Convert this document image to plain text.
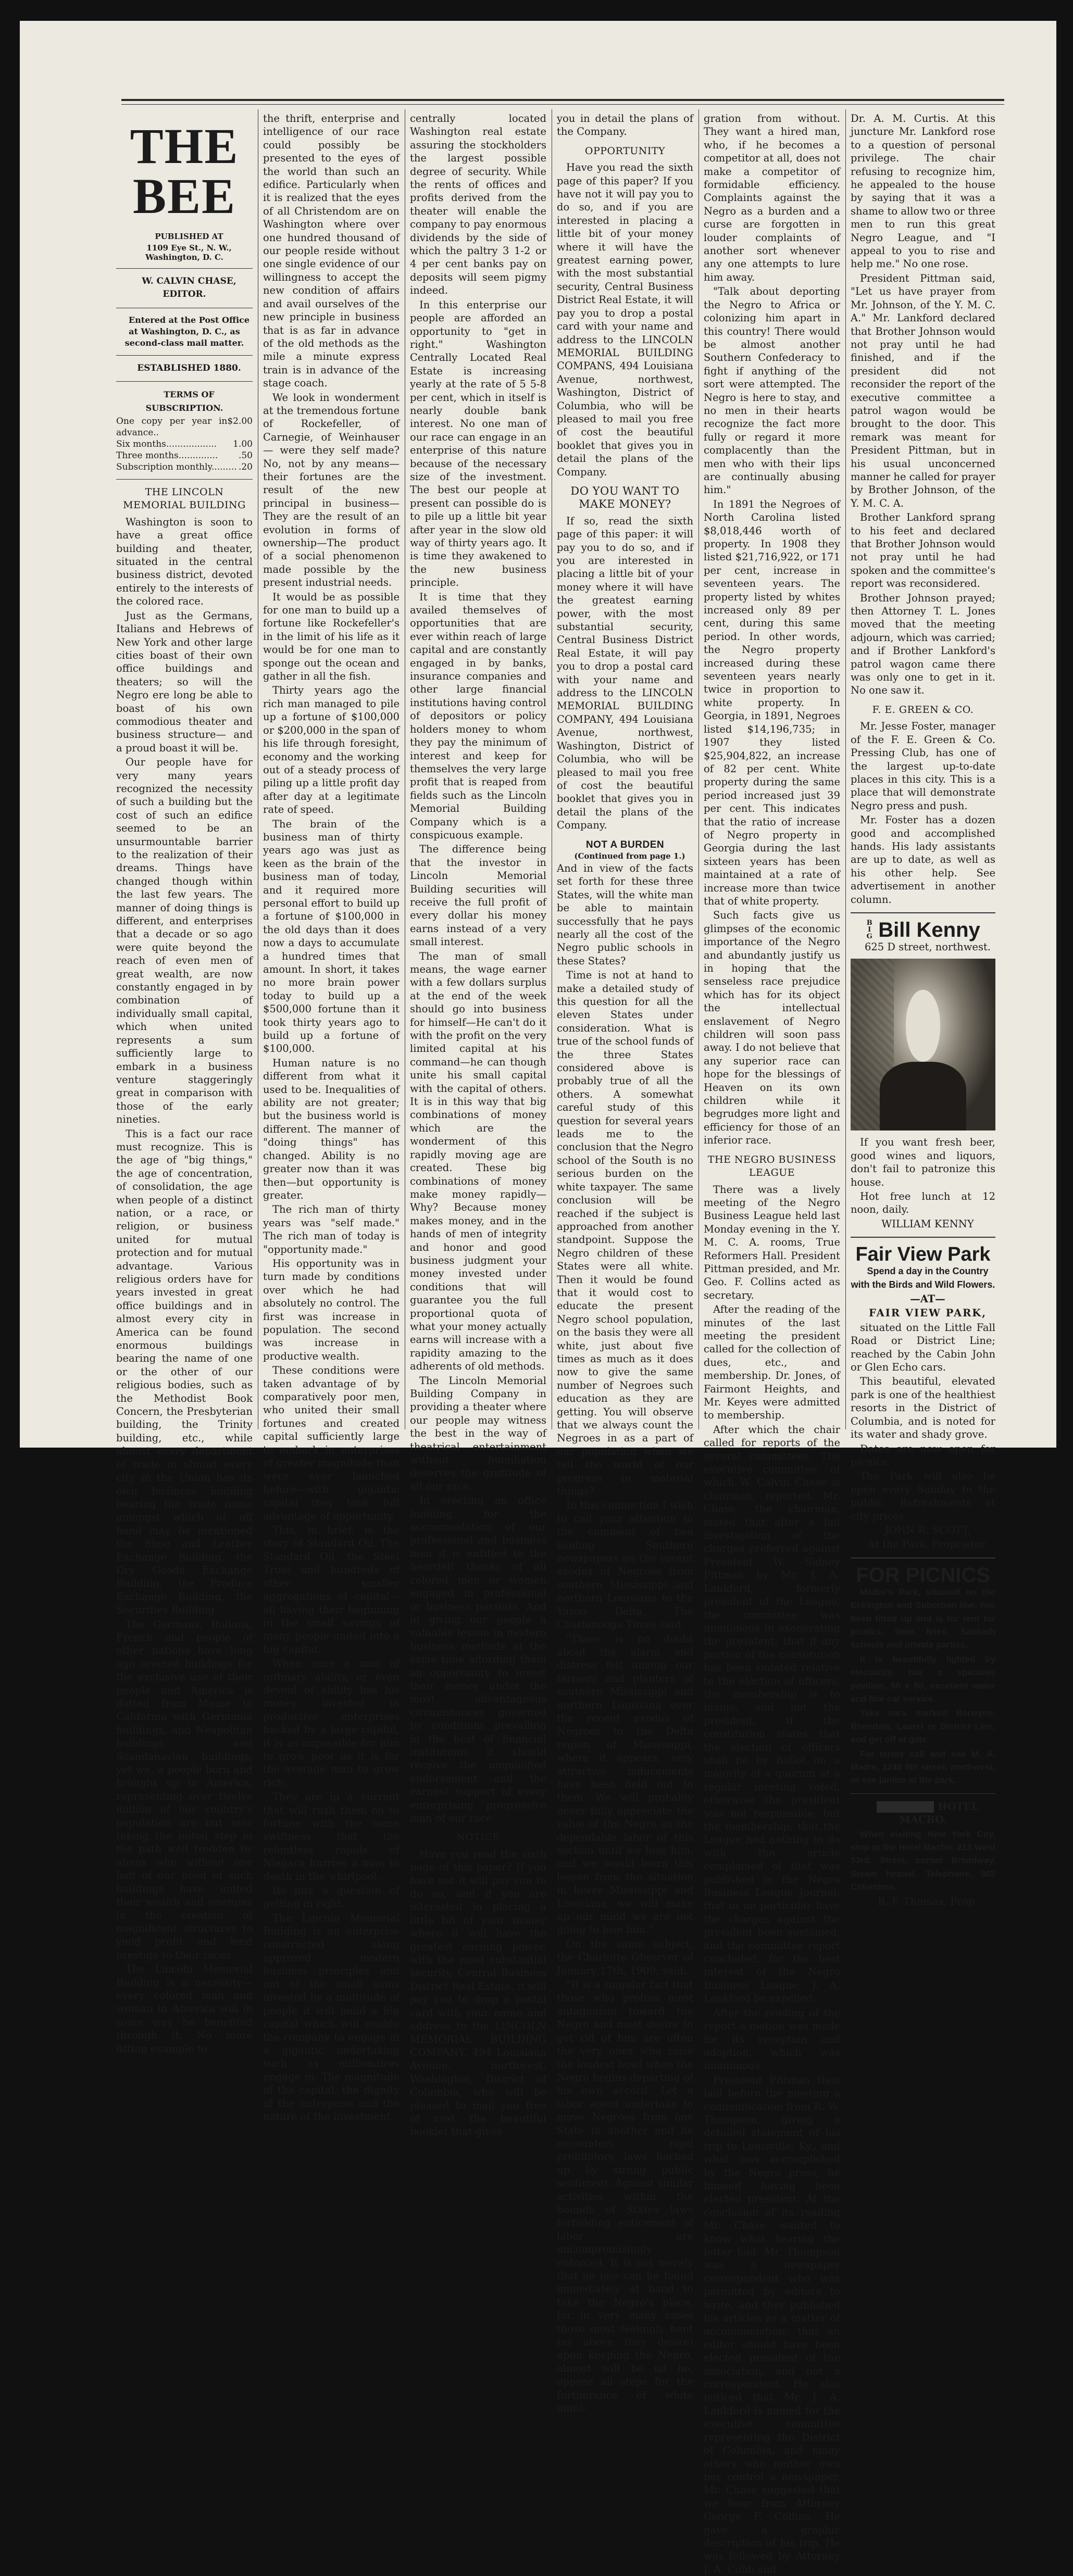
THE BEE

PUBLISHED AT

1109 Eye St., N. W., Washington, D. C.

W. CALVIN CHASE, EDITOR.

Entered at the Post Office at Washington, D. C., as second-class mail matter.

ESTABLISHED 1880.

TERMS OF SUBSCRIPTION.

One copy per year in advance..
$2.00
Six months.................. 1.00
Three months.............. .50
Subscription monthly......... .20
THE LINCOLN MEMORIAL BUILDING

Washington is soon to have a great office building and theater, situated in the central business district, devoted entirely to the interests of the colored race.

Just as the Germans, Italians and Hebrews of New York and other large cities boast of their own office buildings and theaters; so will the Negro ere long be able to boast of his own commodious theater and business structure— and a proud boast it will be.

Our people have for very many years recognized the necessity of such a building but the cost of such an edifice seemed to be an unsurmountable barrier to the realization of their dreams. Things have changed though within the last few years. The manner of doing things is different, and enterprises that a decade or so ago were quite beyond the reach of even men of great wealth, are now constantly engaged in by combination of individually small capital, which when united represents a sum sufficiently large to embark in a business venture staggeringly great in comparison with those of the early nineties.

This is a fact our race must recognize. This is the age of "big things," the age of concentration, of consolidation, the age when people of a distinct nation, or a race, or religion, or business united for mutual protection and for mutual advantage. Various religious orders have for years invested in great office buildings and in almost every city in America can be found enormous buildings bearing the name of one or the other of our religious bodies, such as the Methodist Book Concern, the Presbyterian building, the Trinity building, etc., while almost every department of trade in almost every city in the Union has its own business building bearing the trade name amongst which at off hand may be mentioned the Shoe and Leather Exchange Building, the Dry Goods Exchange Building, the Produce Exchange Building, the Securities Building.

The Germans, Italians, French and people of other nations have long ago erected buildings for the exclusive use of their people and America is dotted from Maine to California with Germania buildings, and Neapolitan buildings and Scandanavian buildings; yet we, a people born and brought up in America, representing over twelve million of our country's population are but now taking the initial step in the path well trodden by aliens who without one half of our need of such buildings have united their wealth and energies in the creation of magnificent structures to yield profit and lend prestige to their races.

The Lincoln Memorial Building is a necessity—every colored man and woman in America will in some way be benefited through it. No more fitting example to

the thrift, enterprise and intelligence of our race could possibly be presented to the eyes of the world than such an edifice. Particularly when it is realized that the eyes of all Christendom are on Washington where over one hundred thousand of our people reside without one single evidence of our willingness to accept the new condition of affairs and avail ourselves of the new principle in business that is as far in advance of the old methods as the mile a minute express train is in advance of the stage coach.

We look in wonderment at the tremendous fortune of Rockefeller, of Carnegie, of Weinhauser— were they self made? No, not by any means—their fortunes are the result of the new principal in business—They are the result of an evolution in forms of ownership—The product of a social phenomenon made possible by the present industrial needs.

It would be as possible for one man to build up a fortune like Rockefeller's in the limit of his life as it would be for one man to sponge out the ocean and gather in all the fish.

Thirty years ago the rich man managed to pile up a fortune of $100,000 or $200,000 in the span of his life through foresight, economy and the working out of a steady process of piling up a little profit day after day at a legitimate rate of speed.

The brain of the business man of thirty years ago was just as keen as the brain of the business man of today, and it required more personal effort to build up a fortune of $100,000 in the old days than it does now a days to accumulate a hundred times that amount. In short, it takes no more brain power today to build up a $500,000 fortune than it took thirty years ago to build up a fortune of $100,000.

Human nature is no different from what it used to be. Inequalities of ability are not greater; but the business world is different. The manner of "doing things" has changed. Ability is no greater now than it was then—but opportunity is greater.

The rich man of thirty years was "self made." The rich man of today is "opportunity made."

His opportunity was in turn made by conditions over which he had absolutely no control. The first was increase in population. The second was increase in productive wealth.

These conditions were taken advantage of by comparatively poor men, who united their small fortunes and created capital sufficiently large to embark in enterprises of greater magnitude than were ever launched before—with gigantic capital they took full advantage of opportunity.

This, in brief, is the story of Standard Oil. The Standard Oil, the Steel Trust and hundreds of other smaller aggregations of capital—all having their beginning in the small savings of many people united into a big capital.

When once a man of ordinary ability, or even devoid of ability has his money invested in productive enterprises backed by a large capital, it is as impossible for him to grow poor as it is for the average man to grow rich.

They are in a current that will rush them on to fortune with the same swiftness that the relentless rapids of Niagara hurries a man to death in the whirlpool.

Its juts a question of getting in right.

The Lincoln Memorial Building is an enterprise constructed along approved modern business principles and out of the small sums invested by a multitude of people it will build a big capital which will enable the company to engage in a gigantic undertaking such as millionaires engage in. The magnitude of the capital, the dignity of the enterprise and the nature of the investment,

centrally located Washington real estate assuring the stockholders the largest possible degree of security. While the rents of offices and profits derived from the theater will enable the company to pay enormous dividends by the side of which the paltry 3 1-2 or 4 per cent banks pay on deposits will seem pigmy indeed.

In this enterprise our people are afforded an opportunity to "get in right." Washington Centrally Located Real Estate is increasing yearly at the rate of 5 5-8 per cent, which in itself is nearly double bank interest. No one man of our race can engage in an enterprise of this nature because of the necessary size of the investment. The best our people at present can possible do is to pile up a little bit year after year in the slow old way of thirty years ago. It is time they awakened to the new business principle.

It is time that they availed themselves of opportunities that are ever within reach of large capital and are constantly engaged in by banks, insurance companies and other large financial institutions having control of depositors or policy holders money to whom they pay the minimum of interest and keep for themselves the very large profit that is reaped from fields such as the Lincoln Memorial Building Company which is a conspicuous example.

The difference being that the investor in Lincoln Memorial Building securities will receive the full profit of every dollar his money earns instead of a very small interest.

The man of small means, the wage earner with a few dollars surplus at the end of the week should go into business for himself—He can't do it with the profit on the very limited capital at his command—he can though unite his small capital with the capital of others. It is in this way that big combinations of money which are the wonderment of this rapidly moving age are created. These big combinations of money make money rapidly—Why? Because money makes money, and in the hands of men of integrity and honor and good business judgment your money invested under conditions that will guarantee you the full proportional quota of what your money actually earns will increase with a rapidity amazing to the adherents of old methods.

The Lincoln Memorial Building Company in providing a theater where our people may witness the best in the way of theatrical entertainment without humiliation deserves the gratitude of all our race.

In erecting an office building for the accommodation of our professional and business men it is entitled to the heartfelt thanks of all colored men or women engaged in professional or business pursuits. And in giving our people a valuable lesson in modern business methods at the same time affording them an opportunity to invest their money under the most advantageous circumstances governed by conditions prevailing in the best of financial institutions it should receive the unqualified endorsement and the earnest support of every enterprising progressive man of our race.

NOTICE

Have you read the sixth page of this paper? If you have not it will pay you to do so, and if you are interested in placing a little bit of your money where it will have the greatest earning power, with the most substantial security, Central Business District Real Estate, it will pay you to drop a postal card with your name and address to the LINCOLN MEMORIAL BUILDING COMPANY, 494 Louisiana Avenue, northwest, Washington, District of Columbia, who will be pleased to mail you free of cost the beautiful booklet that gives

you in detail the plans of the Company.

OPPORTUNITY

Have you read the sixth page of this paper? If you have not it will pay you to do so, and if you are interested in placing a little bit of your money where it will have the greatest earning power, with the most substantial security, Central Business District Real Estate, it will pay you to drop a postal card with your name and address to the LINCOLN MEMORIAL BUILDING COMPANS, 494 Louisiana Avenue, northwest, Washington, District of Columbia, who will be pleased to mail you free of cost the beautiful booklet that gives you in detail the plans of the Company.

DO YOU WANT TO MAKE MONEY?

If so, read the sixth page of this paper: it will pay you to do so, and if you are interested in placing a little bit of your money where it will have the greatest earning power, with the most substantial security, Central Business District Real Estate, it will pay you to drop a postal card with your name and address to the LINCOLN MEMORIAL BUILDING COMPANY, 494 Louisiana Avenue, northwest, Washington, District of Columbia, who will be pleased to mail you free of cost the beautiful booklet that gives you in detail the plans of the Company.

NOT A BURDEN

(Continued from page 1.)

And in view of the facts set forth for these three States, will the white man be able to maintain successfully that he pays nearly all the cost of the Negro public schools in these States?

Time is not at hand to make a detailed study of this question for all the eleven States under consideration. What is true of the school funds of the three States considered above is probably true of all the others. A somewhat careful study of this question for several years leads me to the conclusion that the Negro school of the South is no serious burden on the white taxpayer. The same conclusion will be reached if the subject is approached from another standpoint. Suppose the Negro children of these States were all white. Then it would be found that it would cost to educate the present Negro school population, on the basis they were all white, just about five times as much as it does now to give the same number of Negroes such education as they are getting. You will observe that we always count the Negroes in as a part of our population when we tell the world of our progress in material things?

In this connection I wish to call your attention to the comment of two leading Southern newspapers on the recent exodus of Negroes from southern Mississippi and northern Louisiana to the Yazoo Delta. The Chattanooga Times said:

"There is no doubt about the alarm and distress felt among our farmers and planters of southern Mississippi and northern Louisiana over the recent exodus of Negroes to the Delta region of Mississippi, where it appears, very attractive inducements have been held out to them. We will probably never fully appreciate the value of the Negro as the dependable labor of this section until we lose him, and we would learn this lesson from the situation in lower Mississippi and Louisiana, we will make up our mind we are not going to lose him."

On the same subject, the Charlotte Observer of January 17th, 1909, said:

"It is a singular fact that those who profess most antagonism toward the Negro and most desire to get rid of him are often the very ones who raise the loudest howl when the Negro begins departing of his own accord. Let a labor agent undertake to move Negroes from one State to another and he encounters rigid prohibitory laws backed up by strong public sentiment. Against similar activities within the bounds of States laws forbidding enticement of labor are uncompromisingly enforced. It is not merely that no one can be found immediately at hand to take the Negro's place, for in very many cases those most feelingly bent (as above they desire) upon keeping the Negro, almost will be nil he, oppose all steps for the furtherance of white immi-

gration from without. They want a hired man, who, if he becomes a competitor at all, does not make a competitor of formidable efficiency. Complaints against the Negro as a burden and a curse are forgotten in louder complaints of another sort whenever any one attempts to lure him away.

"Talk about deporting the Negro to Africa or colonizing him apart in this country! There would be almost another Southern Confederacy to fight if anything of the sort were attempted. The Negro is here to stay, and no men in their hearts recognize the fact more fully or regard it more complacently than the men who with their lips are continually abusing him."

In 1891 the Negroes of North Carolina listed $8,018,446 worth of property. In 1908 they listed $21,716,922, or 171 per cent, increase in seventeen years. The property listed by whites increased only 89 per cent, during this same period. In other words, the Negro property increased during these seventeen years nearly twice in proportion to white property. In Georgia, in 1891, Negroes listed $14,196,735; in 1907 they listed $25,904,822, an increase of 82 per cent. White property during the same period increased just 39 per cent. This indicates that the ratio of increase of Negro property in Georgia during the last sixteen years has been maintained at a rate of increase more than twice that of white property.

Such facts give us glimpses of the economic importance of the Negro and abundantly justify us in hoping that the senseless race prejudice which has for its object the intellectual enslavement of Negro children will soon pass away. I do not believe that any superior race can hope for the blessings of Heaven on its own children while it begrudges more light and efficiency for those of an inferior race.

THE NEGRO BUSINESS LEAGUE

There was a lively meeting of the Negro Business League held last Monday evening in the Y. M. C. A. rooms, True Reformers Hall. President Pittman presided, and Mr. Geo. F. Collins acted as secretary.

After the reading of the minutes of the last meeting the president called for the collection of dues, etc., and membership. Dr. Jones, of Fairmont Heights, and Mr. Keyes were admitted to membership.

After which the chair called for reports of the several committees. The executive committee, of which W. Calvin Chase is chairman, reported. Mr. Chase, the chairman, stated that after a full investigation of the charges preferred against President W. Sidney Pittman by Mr. J. A. Lankford, formerly president of the League, the committee was unanimous in exonerating the president; that if any portion of the constitution has been violated relative to the election of officers, the membership is to blame, and not the president, if the constitution states that the election of officers shall be by ballot on a majority of a quorum at a regular meeting voted, otherwise the president was not responsible, but the membership; that the League had nothing to do with the article complained of that was published in the Negro Business League Journal; that in no particular have the charges against the president been sustained, and the committee report concluded, for the best interest of the Negro Business League, J. A. Lankford be expelled.

After the reading of the report a motion was made for its reception and adoption, which was unanimous.

President Pittman then laid before the meeting a communication from R. W. Thompson, giving a detailed statement of his trip to Louisville, Ky., and what was accomplished by the Negro press, he himself having been elected president. At the conclusion of its reading Mr. Chase wanted to know what bearing the letter had. Mr. Thompson was a newspaper correspondent who was permitted by editors to write, and they published his articles as a matter of accommodation; that an editor should have been elected president of the association, and not a correspondent. He also noticed that Mr. J. A. Lankford is named for the executive committee representing the District of Columbia, and many others who neither own nor control a newspaper. Mr. Chase suggested that we hear from Attorney George F. Collins. He gave a graphic description of his trip. He was followed by Attorney J. A. Cobb and

Dr. A. M. Curtis. At this juncture Mr. Lankford rose to a question of personal privilege. The chair refusing to recognize him, he appealed to the house by saying that it was a shame to allow two or three men to run this great Negro League, and "I appeal to you to rise and help me." No one rose.

President Pittman said, "Let us have prayer from Mr. Johnson, of the Y. M. C. A." Mr. Lankford declared that Brother Johnson would not pray until he had finished, and if the president did not reconsider the report of the executive committee a patrol wagon would be brought to the door. This remark was meant for President Pittman, but in his usual unconcerned manner he called for prayer by Brother Johnson, of the Y. M. C. A.

Brother Lankford sprang to his feet and declared that Brother Johnson would not pray until he had spoken and the committee's report was reconsidered.

Brother Johnson prayed; then Attorney T. L. Jones moved that the meeting adjourn, which was carried; and if Brother Lankford's patrol wagon came there was only one to get in it. No one saw it.

F. E. GREEN & CO.

Mr. Jesse Foster, manager of the F. E. Green & Co. Pressing Club, has one of the largest up-to-date places in this city. This is a place that will demonstrate Negro press and push.

Mr. Foster has a dozen good and accomplished hands. His lady assistants are up to date, as well as his other help. See advertisement in another column.

BIG Bill Kenny

625 D street, northwest.

If you want fresh beer, good wines and liquors, don't fail to patronize this house.

Hot free lunch at 12 noon, daily.

WILLIAM KENNY

Fair View Park

Spend a day in the Country with the Birds and Wild Flowers.

—AT—

FAIR VIEW PARK,

situated on the Little Fall Road or District Line; reached by the Cabin John or Glen Echo cars.

This beautiful, elevated park is one of the healthiest resorts in the District of Columbia, and is noted for its water and shady grove.

Dates are now open for picnics.

The Park will also be open every Sunday to the public. Refreshments at city prices.

JOHN R. SCOTT,

At the Park. Proprietor.

FOR PICNICS

Madre's Park, situated on the Eckington and Suburban line, has been fitted up and is for rent for picnics, lawn fetes, Sabbath schools and private parties.

It is beautifully lighted by electricity, has a spacious pavilion, 50 x 50, excellent water and fine car service.

Take cars marked Berwyne, Riverdale, Laurel or District Line, and get off at gate.

For terms call and see M. A. Madre, 1248 9th street, northwest, or see janitor at the park.

HOTEL MACBO.

When visiting New York City, stop at the Hotel Macbo, 213 West 53rd. Street, corner Broadway. Steam heated. Telephone, 803 Columbus.

B. F. Thomas, Prop.
